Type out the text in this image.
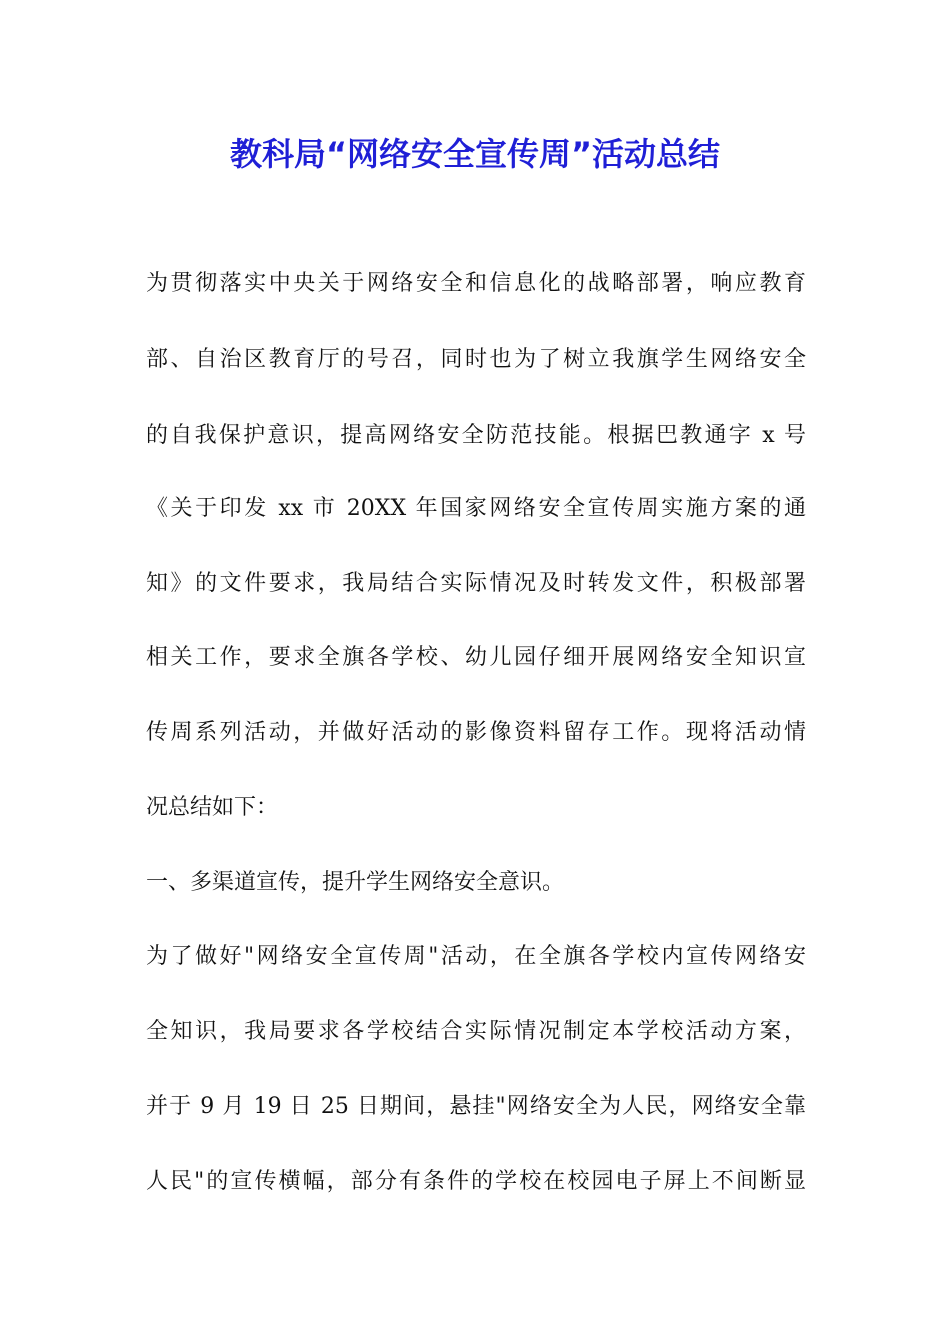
教科局“网络安全宣传周”活动总结

为贯彻落实中央关于网络安全和信息化的战略部署，响应教育

部、自治区教育厅的号召，同时也为了树立我旗学生网络安全

的自我保护意识，提高网络安全防范技能。根据巴教通字 x 号

《关于印发 xx 市 20XX 年国家网络安全宣传周实施方案的通

知》的文件要求，我局结合实际情况及时转发文件，积极部署

相关工作，要求全旗各学校、幼儿园仔细开展网络安全知识宣

传周系列活动，并做好活动的影像资料留存工作。现将活动情

况总结如下：

一、多渠道宣传，提升学生网络安全意识。

为了做好"网络安全宣传周"活动，在全旗各学校内宣传网络安

全知识，我局要求各学校结合实际情况制定本学校活动方案，

并于 9 月 19 日 25 日期间，悬挂"网络安全为人民，网络安全靠

人民"的宣传横幅，部分有条件的学校在校园电子屏上不间断显
